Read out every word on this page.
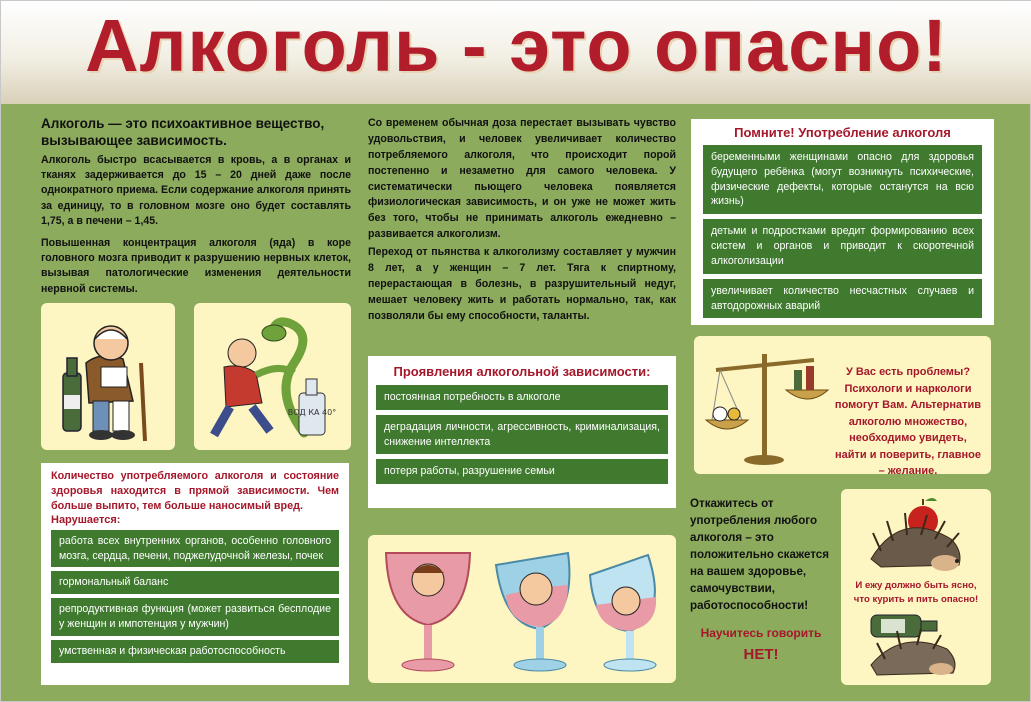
Алкоголь - это опасно!
Алкоголь — это психоактивное вещество, вызывающее зависимость.

Алкоголь быстро всасывается в кровь, а в органах и тканях задерживается до 15 – 20 дней даже после однократного приема. Если содержание алкоголя принять за единицу, то в головном мозге оно будет составлять 1,75, а в печени – 1,45.

Повышенная концентрация алкоголя (яда) в коре головного мозга приводит к разрушению нервных клеток, вызывая патологические изменения деятельности нервной системы.

Со временем обычная доза перестает вызывать чувство удовольствия, и человек увеличивает количество потребляемого алкоголя, что происходит порой постепенно и незаметно для самого человека. У систематически пьющего человека появляется физиологическая зависимость, и он уже не может жить без того, чтобы не принимать алкоголь ежедневно – развивается алкоголизм.

Переход от пьянства к алкоголизму составляет у мужчин 8 лет, а у женщин – 7 лет. Тяга к спиртному, перерастающая в болезнь, в разрушительный недуг, мешает человеку жить и работать нормально, так, как позволяли бы ему способности, таланты.

Помните! Употребление алкоголя
беременными женщинами опасно для здоровья будущего ребёнка (могут возникнуть психические, физические дефекты, которые останутся на всю жизнь)
детьми и подростками вредит формированию всех систем и органов и приводит к скоротечной алкоголизации
увеличивает количество несчастных случаев и автодорожных аварий
ВОД КА 40°
Проявления алкогольной зависимости:
постоянная потребность в алкоголе
деградация личности, агрессивность, криминализация, снижение интеллекта
потеря работы, разрушение семьи
Количество употребляемого алкоголя и состояние здоровья находится в прямой зависимости. Чем больше выпито, тем больше наносимый вред.
Нарушается:
работа всех внутренних органов, особенно головного мозга, сердца, печени, поджелудочной железы, почек
гормональный баланс
репродуктивная функция (может развиться бесплодие у женщин и импотенция у мужчин)
умственная и физическая работоспособность
У Вас есть проблемы? Психологи и наркологи помогут Вам. Альтернатив алкоголю множество, необходимо увидеть, найти и поверить, главное – желание.
Откажитесь от употребления любого алкоголя – это положительно скажется на вашем здоровье, самочувствии, работоспособности!
Научитесь говорить
НЕТ!
И ежу должно быть ясно, что курить и пить опасно!
